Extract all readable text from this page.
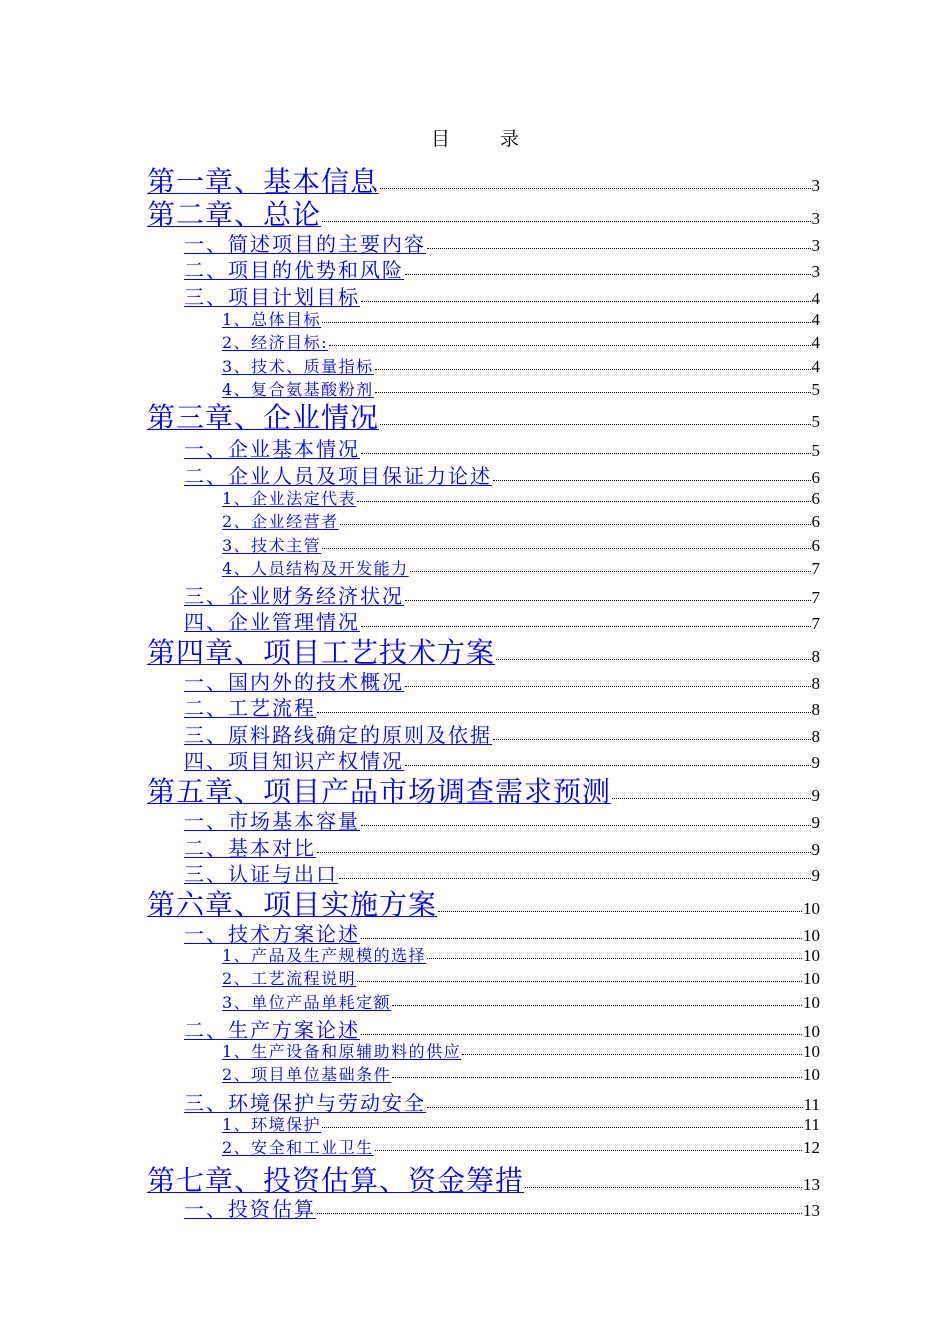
目 录
第一章、基本信息	3
第二章、总论	3
一、简述项目的主要内容	3
二、项目的优势和风险	3
三、项目计划目标	4
1、总体目标	4
2、经济目标:	4
3、技术、质量指标	4
4、复合氨基酸粉剂	5
第三章、企业情况	5
一、企业基本情况	5
二、企业人员及项目保证力论述	6
1、企业法定代表	6
2、企业经营者	6
3、技术主管	6
4、人员结构及开发能力	7
三、企业财务经济状况	7
四、企业管理情况	7
第四章、项目工艺技术方案	8
一、国内外的技术概况	8
二、工艺流程	8
三、原料路线确定的原则及依据	8
四、项目知识产权情况	9
第五章、项目产品市场调查需求预测	9
一、市场基本容量	9
二、基本对比	9
三、认证与出口	9
第六章、项目实施方案	10
一、技术方案论述	10
1、产品及生产规模的选择	10
2、工艺流程说明	10
3、单位产品单耗定额	10
二、生产方案论述	10
1、生产设备和原辅助料的供应	10
2、项目单位基础条件	10
三、环境保护与劳动安全	11
1、环境保护	11
2、安全和工业卫生	12
第七章、投资估算、资金筹措	13
一、投资估算	13
